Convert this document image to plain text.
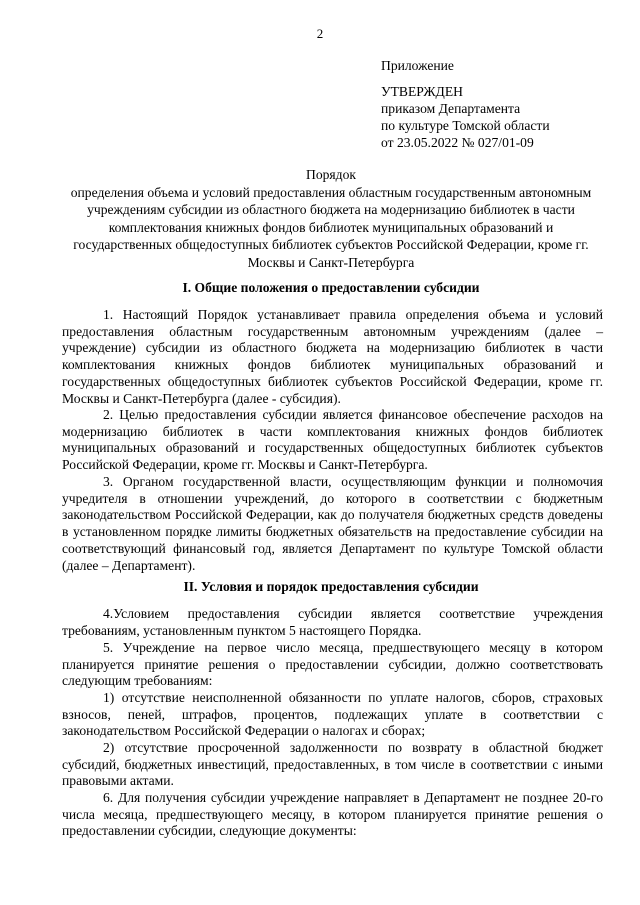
2
Приложение
УТВЕРЖДЕН
приказом Департамента
по культуре Томской области
от 23.05.2022 № 027/01-09
Порядок
определения объема и условий предоставления областным государственным автономным
учреждениям субсидии из областного бюджета на модернизацию библиотек в части
комплектования книжных фондов библиотек муниципальных образований и
государственных общедоступных библиотек субъектов Российской Федерации, кроме гг.
Москвы и Санкт-Петербурга
I. Общие положения о предоставлении субсидии
1. Настоящий Порядок устанавливает правила определения объема и условий предоставления областным государственным автономным учреждениям (далее – учреждение) субсидии из областного бюджета на модернизацию библиотек в части комплектования книжных фондов библиотек муниципальных образований и государственных общедоступных библиотек субъектов Российской Федерации, кроме гг. Москвы и Санкт-Петербурга (далее - субсидия).
2. Целью предоставления субсидии является финансовое обеспечение расходов на модернизацию библиотек в части комплектования книжных фондов библиотек муниципальных образований и государственных общедоступных библиотек субъектов Российской Федерации, кроме гг. Москвы и Санкт-Петербурга.
3. Органом государственной власти, осуществляющим функции и полномочия учредителя в отношении учреждений, до которого в соответствии с бюджетным законодательством Российской Федерации, как до получателя бюджетных средств доведены в установленном порядке лимиты бюджетных обязательств на предоставление субсидии на соответствующий финансовый год, является Департамент по культуре Томской области (далее – Департамент).
II. Условия и порядок предоставления субсидии
4.Условием предоставления субсидии является соответствие учреждения требованиям, установленным пунктом 5 настоящего Порядка.
5. Учреждение на первое число месяца, предшествующего месяцу в котором планируется принятие решения о предоставлении субсидии, должно соответствовать следующим требованиям:
1) отсутствие неисполненной обязанности по уплате налогов, сборов, страховых взносов, пеней, штрафов, процентов, подлежащих уплате в соответствии с законодательством Российской Федерации о налогах и сборах;
2) отсутствие просроченной задолженности по возврату в областной бюджет субсидий, бюджетных инвестиций, предоставленных, в том числе в соответствии с иными правовыми актами.
6. Для получения субсидии учреждение направляет в Департамент не позднее 20-го числа месяца, предшествующего месяцу, в котором планируется принятие решения о предоставлении субсидии, следующие документы:
